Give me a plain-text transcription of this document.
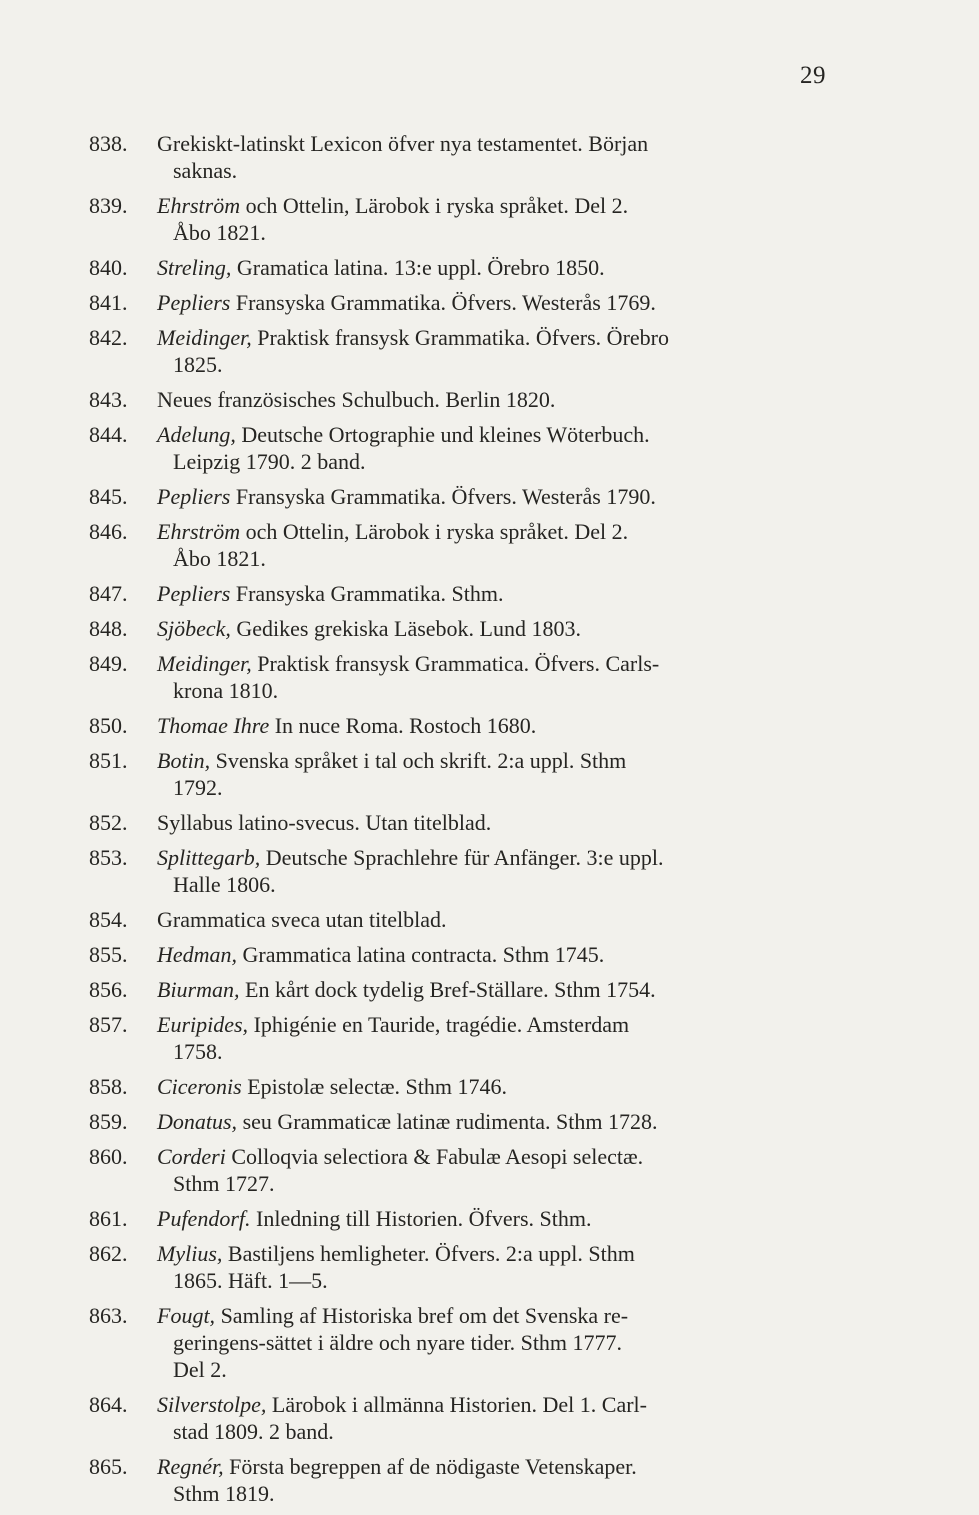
29
838.	Grekiskt-latinskt Lexicon öfver nya testamentet. Början
saknas.
839.	Ehrström och Ottelin, Lärobok i ryska språket. Del 2.
Åbo 1821.
840.	Streling, Gramatica latina. 13:e uppl. Örebro 1850.
841.	Pepliers Fransyska Grammatika. Öfvers. Westerås 1769.
842.	Meidinger, Praktisk fransysk Grammatika. Öfvers. Örebro
1825.
843.	Neues französisches Schulbuch. Berlin 1820.
844.	Adelung, Deutsche Ortographie und kleines Wöterbuch.
Leipzig 1790. 2 band.
845.	Pepliers Fransyska Grammatika. Öfvers. Westerås 1790.
846.	Ehrström och Ottelin, Lärobok i ryska språket. Del 2.
Åbo 1821.
847.	Pepliers Fransyska Grammatika. Sthm.
848.	Sjöbeck, Gedikes grekiska Läsebok. Lund 1803.
849.	Meidinger, Praktisk fransysk Grammatica. Öfvers. Carls-
krona 1810.
850.	Thomae Ihre In nuce Roma. Rostoch 1680.
851.	Botin, Svenska språket i tal och skrift. 2:a uppl. Sthm
1792.
852.	Syllabus latino-svecus. Utan titelblad.
853.	Splittegarb, Deutsche Sprachlehre für Anfänger. 3:e uppl.
Halle 1806.
854.	Grammatica sveca utan titelblad.
855.	Hedman, Grammatica latina contracta. Sthm 1745.
856.	Biurman, En kårt dock tydelig Bref-Ställare. Sthm 1754.
857.	Euripides, Iphigénie en Tauride, tragédie. Amsterdam
1758.
858.	Ciceronis Epistolæ selectæ. Sthm 1746.
859.	Donatus, seu Grammaticæ latinæ rudimenta. Sthm 1728.
860.	Corderi Colloqvia selectiora & Fabulæ Aesopi selectæ.
Sthm 1727.
861.	Pufendorf. Inledning till Historien. Öfvers. Sthm.
862.	Mylius, Bastiljens hemligheter. Öfvers. 2:a uppl. Sthm
1865. Häft. 1—5.
863.	Fougt, Samling af Historiska bref om det Svenska re-
geringens-sättet i äldre och nyare tider. Sthm 1777.
Del 2.
864.	Silverstolpe, Lärobok i allmänna Historien. Del 1. Carl-
stad 1809. 2 band.
865.	Regnér, Första begreppen af de nödigaste Vetenskaper.
Sthm 1819.
